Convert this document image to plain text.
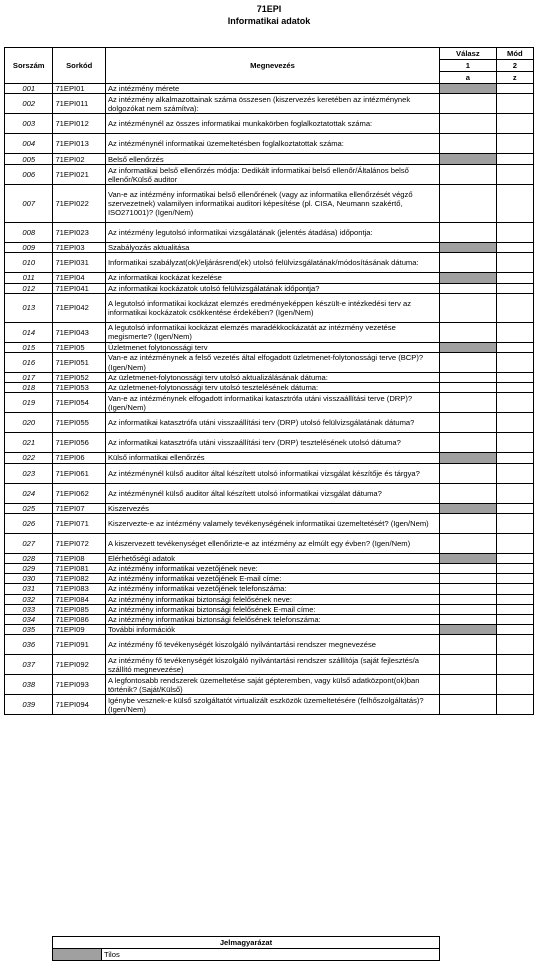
71EPI
Informatikai adatok
Sorszám	Sorkód	Megnevezés	Válasz	Mód
			1	2
			a	z
001	71EPI01	Az intézmény mérete		
002	71EPI011	Az intézmény alkalmazottainak száma összesen (kiszervezés keretében az intézménynek dolgozókat nem számítva):		
003	71EPI012	Az intézménynél az összes informatikai munkakörben foglalkoztatottak száma:		
004	71EPI013	Az intézménynél informatikai üzemeltetésben foglalkoztatottak száma:		
005	71EPI02	Belső ellenőrzés		
006	71EPI021	Az informatikai belső ellenőrzés módja: Dedikált informatikai belső ellenőr/Általános belső ellenőr/Külső auditor		
007	71EPI022	Van-e az intézmény informatikai belső ellenőrének (vagy az informatika ellenőrzését végző szervezetnek) valamilyen informatikai auditori képesítése (pl. CISA, Neumann szakértő, ISO271001)? (Igen/Nem)		
008	71EPI023	Az intézmény legutolsó informatikai vizsgálatának (jelentés átadása) időpontja:		
009	71EPI03	Szabályozás aktualitása		
010	71EPI031	Informatikai szabályzat(ok)/eljárásrend(ek) utolsó felülvizsgálatának/módosításának dátuma:		
011	71EPI04	Az informatikai kockázat kezelése		
012	71EPI041	Az informatikai kockázatok utolsó felülvizsgálatának időpontja?		
013	71EPI042	A legutolsó informatikai kockázat elemzés eredményeképpen készült-e intézkedési terv az informatikai kockázatok csökkentése érdekében? (Igen/Nem)		
014	71EPI043	A legutolsó informatikai kockázat elemzés maradékkockázatát az intézmény vezetése megismerte? (Igen/Nem)		
015	71EPI05	Üzletmenet folytonossági terv		
016	71EPI051	Van-e az intézménynek a felső vezetés által elfogadott üzletmenet-folytonossági terve (BCP)? (Igen/Nem)		
017	71EPI052	Az üzletmenet-folytonossági terv utolsó aktualizálásának dátuma:		
018	71EPI053	Az üzletmenet-folytonossági terv utolsó tesztelésének dátuma:		
019	71EPI054	Van-e az intézménynek elfogadott informatikai katasztrófa utáni visszaállítási terve (DRP)? (Igen/Nem)		
020	71EPI055	Az informatikai katasztrófa utáni visszaállítási terv (DRP) utolsó felülvizsgálatának dátuma?		
021	71EPI056	Az informatikai katasztrófa utáni visszaállítási terv (DRP) tesztelésének utolsó dátuma?		
022	71EPI06	Külső informatikai ellenőrzés		
023	71EPI061	Az intézménynél külső auditor által készített utolsó informatikai vizsgálat készítője és tárgya?		
024	71EPI062	Az intézménynél külső auditor által készített utolsó informatikai vizsgálat dátuma?		
025	71EPI07	Kiszervezés		
026	71EPI071	Kiszervezte-e az intézmény valamely tevékenységének informatikai üzemeltetését? (Igen/Nem)		
027	71EPI072	A kiszervezett tevékenységet ellenőrizte-e az intézmény az elmúlt egy évben? (Igen/Nem)		
028	71EPI08	Elérhetőségi adatok		
029	71EPI081	Az intézmény informatikai vezetőjének neve:		
030	71EPI082	Az intézmény informatikai vezetőjének E-mail címe:		
031	71EPI083	Az intézmény informatikai vezetőjének telefonszáma:		
032	71EPI084	Az intézmény informatikai biztonsági felelősének neve:		
033	71EPI085	Az intézmény informatikai biztonsági felelősének E-mail címe:		
034	71EPI086	Az intézmény informatikai biztonsági felelősének telefonszáma:		
035	71EPI09	További információk		
036	71EPI091	Az intézmény fő tevékenységét kiszolgáló nyilvántartási rendszer megnevezése		
037	71EPI092	Az intézmény fő tevékenységét kiszolgáló nyilvántartási rendszer szállítója (saját fejlesztés/a szállító megnevezése)		
038	71EPI093	A legfontosabb rendszerek üzemeltetése saját gépteremben, vagy külső adatközpont(ok)ban történik? (Saját/Külső)		
039	71EPI094	Igénybe vesznek-e külső szolgáltatót virtualizált eszközök üzemeltetésére (felhőszolgáltatás)? (Igen/Nem)		
Jelmagyarázat
	Tilos
